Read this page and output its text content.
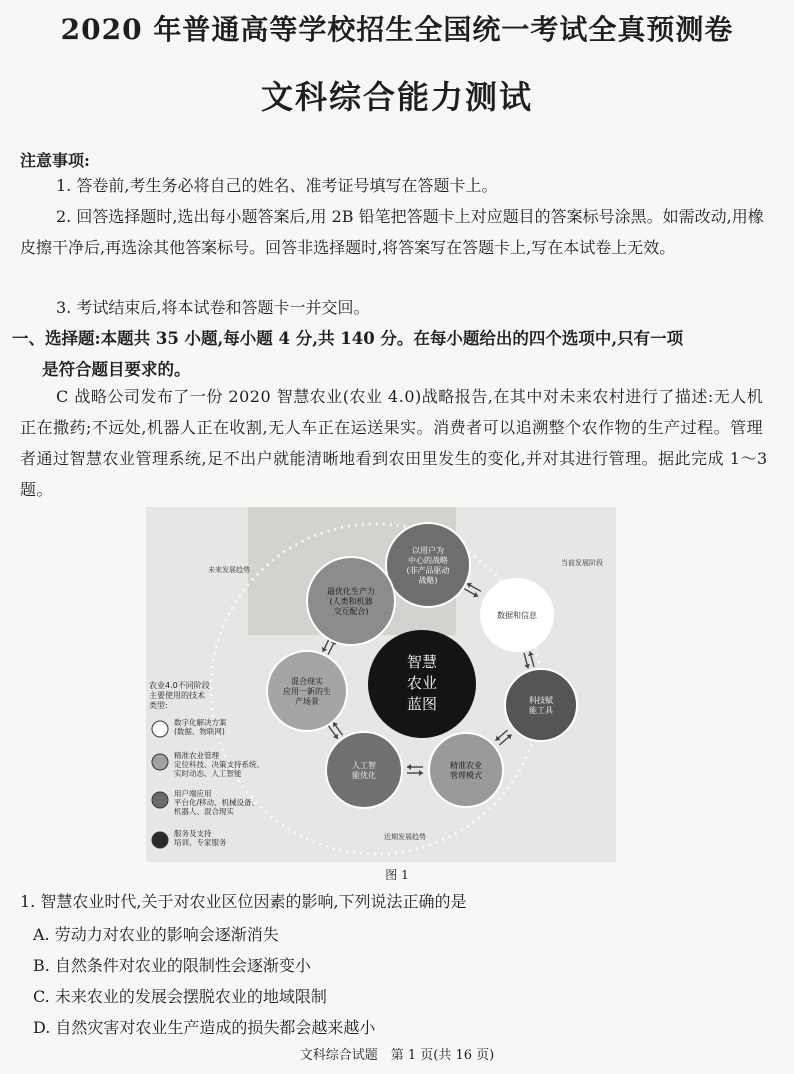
2020 年普通高等学校招生全国统一考试全真预测卷
文科综合能力测试
注意事项:
1. 答卷前,考生务必将自己的姓名、准考证号填写在答题卡上。
2. 回答选择题时,选出每小题答案后,用 2B 铅笔把答题卡上对应题目的答案标号涂黑。如需改动,用橡皮擦干净后,再选涂其他答案标号。回答非选择题时,将答案写在答题卡上,写在本试卷上无效。
3. 考试结束后,将本试卷和答题卡一并交回。
一、选择题:本题共 35 小题,每小题 4 分,共 140 分。在每小题给出的四个选项中,只有一项
是符合题目要求的。
C 战略公司发布了一份 2020 智慧农业(农业 4.0)战略报告,在其中对未来农村进行了描述:无人机正在撒药;不远处,机器人正在收割,无人车正在运送果实。消费者可以追溯整个农作物的生产过程。管理者通过智慧农业管理系统,足不出户就能清晰地看到农田里发生的变化,并对其进行管理。据此完成 1～3 题。
以用户为
中心的战略
(非产品驱动
战略)
数据和信息
科技赋
能工具
精准农业
管理模式
人工智
能优化
混合现实
应用一新的生
产场景
最优化生产力
(人类和机器
交互配合)
智慧
农业
蓝图
未来发展趋势
当前发展阶段
近期发展趋势
农业4.0不同阶段
主要使用的技术
类型:
数字化解决方案
(数据、物联网)
精准农业管理
定位科技、决策支持系统、
实时动态、人工智能
用户端应用
平台化/移动、机械设备、
机器人、混合现实
服务及支持
培训、专家服务
图 1
1. 智慧农业时代,关于对农业区位因素的影响,下列说法正确的是
A. 劳动力对农业的影响会逐渐消失
B. 自然条件对农业的限制性会逐渐变小
C. 未来农业的发展会摆脱农业的地域限制
D. 自然灾害对农业生产造成的损失都会越来越小
文科综合试题　第 1 页(共 16 页)
